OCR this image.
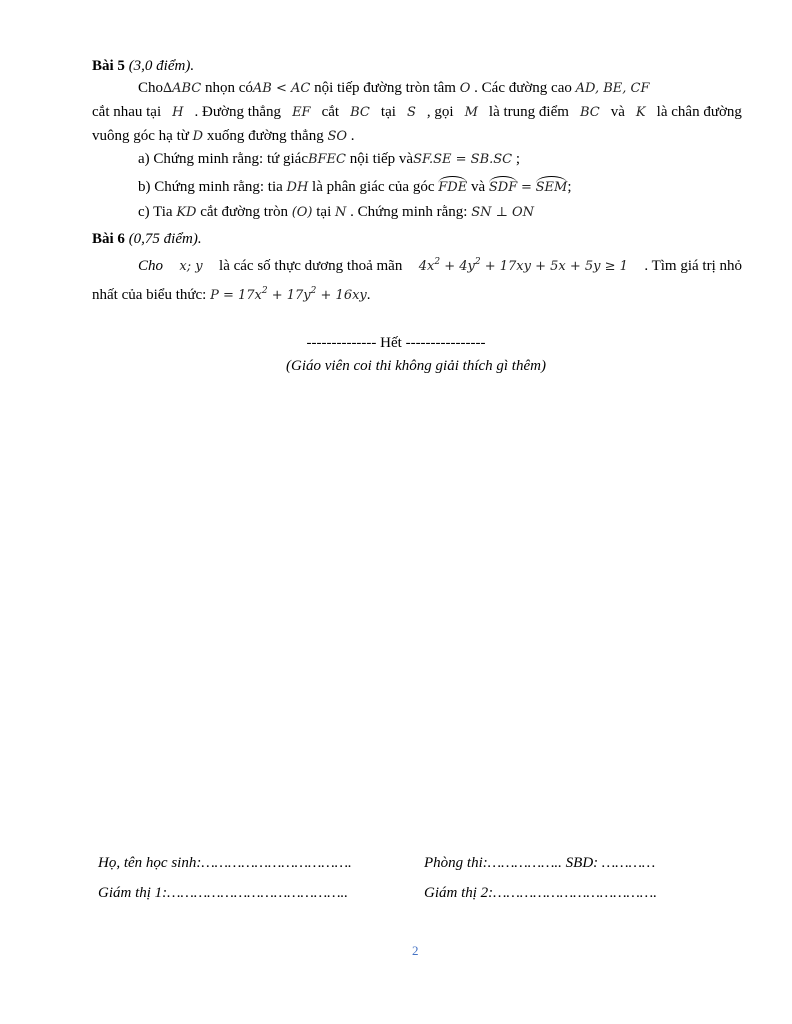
Bài 5 (3,0 điểm).
Cho∆ABC nhọn cóAB < AC nội tiếp đường tròn tâm O . Các đường cao AD, BE, CF
cắt nhau tại H . Đường thẳng EF cắt BC tại S , gọi M là trung điểm BC và K là chân đường
vuông góc hạ từ D xuống đường thẳng SO .
a) Chứng minh rằng: tứ giácBFEC nội tiếp vàSF.SE = SB.SC ;
b) Chứng minh rằng: tia DH là phân giác của góc FDE và SDF = SEM;
c) Tia KD cắt đường tròn (O) tại N . Chứng minh rằng: SN ⊥ ON
Bài 6 (0,75 điểm).
Cho x; y là các số thực dương thoả mãn $4x^2 + 4y^2 + 17xy + 5x + 5y \ge 1$ . Tìm giá trị nhỏ
nhất của biểu thức: $P = 17x^2 + 17y^2 + 16xy$.
-------------- Hết ----------------
(Giáo viên coi thi không giải thích gì thêm)
Họ, tên học sinh:…………………………….	Phòng thi:…………….. SBD: …………
Giám thị 1:…………………………………..	Giám thị 2:……………………………….
2
